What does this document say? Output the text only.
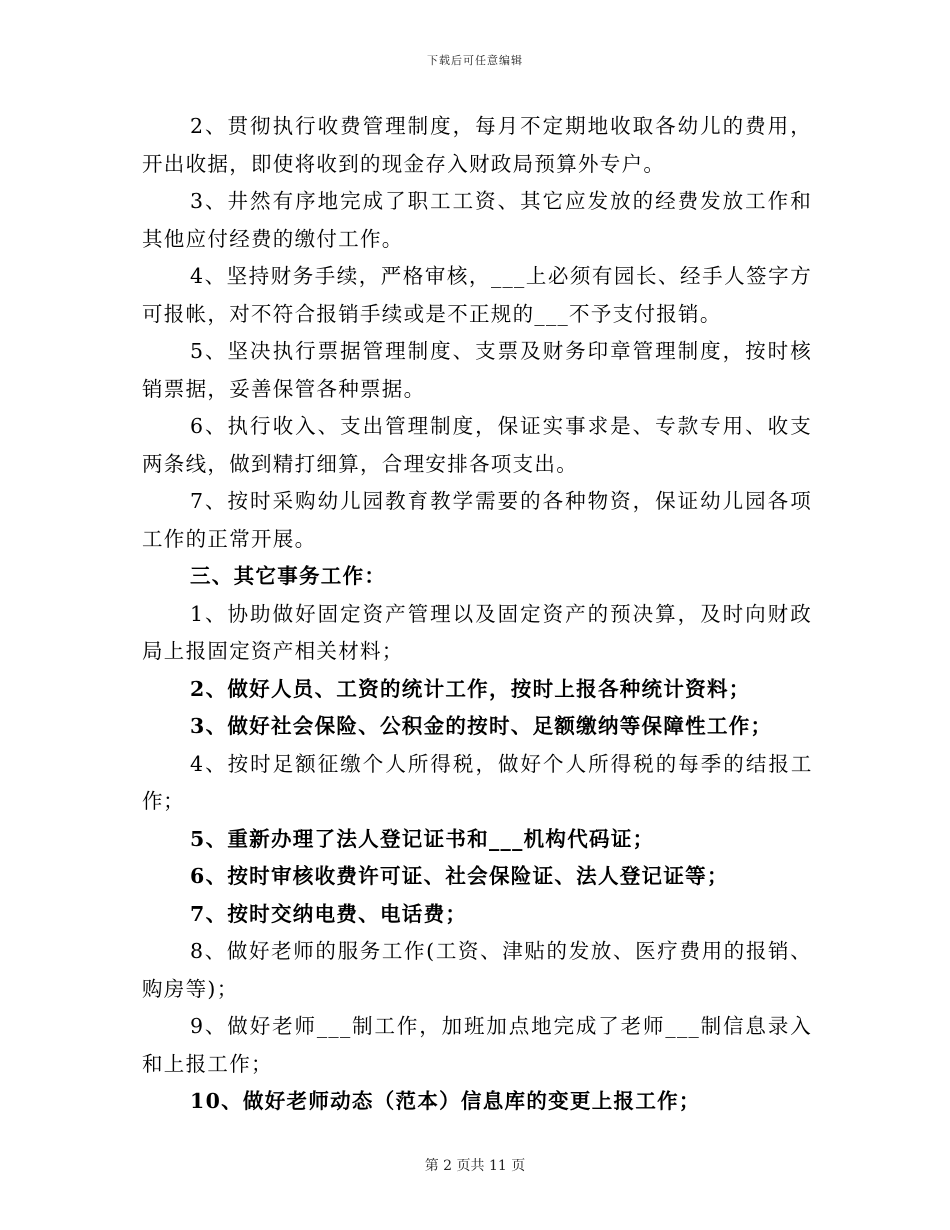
下载后可任意编辑

2、贯彻执行收费管理制度，每月不定期地收取各幼儿的费用，开出收据，即使将收到的现金存入财政局预算外专户。

3、井然有序地完成了职工工资、其它应发放的经费发放工作和其他应付经费的缴付工作。

4、坚持财务手续，严格审核，___上必须有园长、经手人签字方可报帐，对不符合报销手续或是不正规的___不予支付报销。

5、坚决执行票据管理制度、支票及财务印章管理制度，按时核销票据，妥善保管各种票据。

6、执行收入、支出管理制度，保证实事求是、专款专用、收支两条线，做到精打细算，合理安排各项支出。

7、按时采购幼儿园教育教学需要的各种物资，保证幼儿园各项工作的正常开展。

三、其它事务工作：

1、协助做好固定资产管理以及固定资产的预决算，及时向财政局上报固定资产相关材料；

2、做好人员、工资的统计工作，按时上报各种统计资料；

3、做好社会保险、公积金的按时、足额缴纳等保障性工作；

4、按时足额征缴个人所得税，做好个人所得税的每季的结报工作；

5、重新办理了法人登记证书和___机构代码证；

6、按时审核收费许可证、社会保险证、法人登记证等；

7、按时交纳电费、电话费；

8、做好老师的服务工作(工资、津贴的发放、医疗费用的报销、购房等)；

9、做好老师___制工作，加班加点地完成了老师___制信息录入和上报工作；

10、做好老师动态（范本）信息库的变更上报工作；

第 2 页共 11 页
